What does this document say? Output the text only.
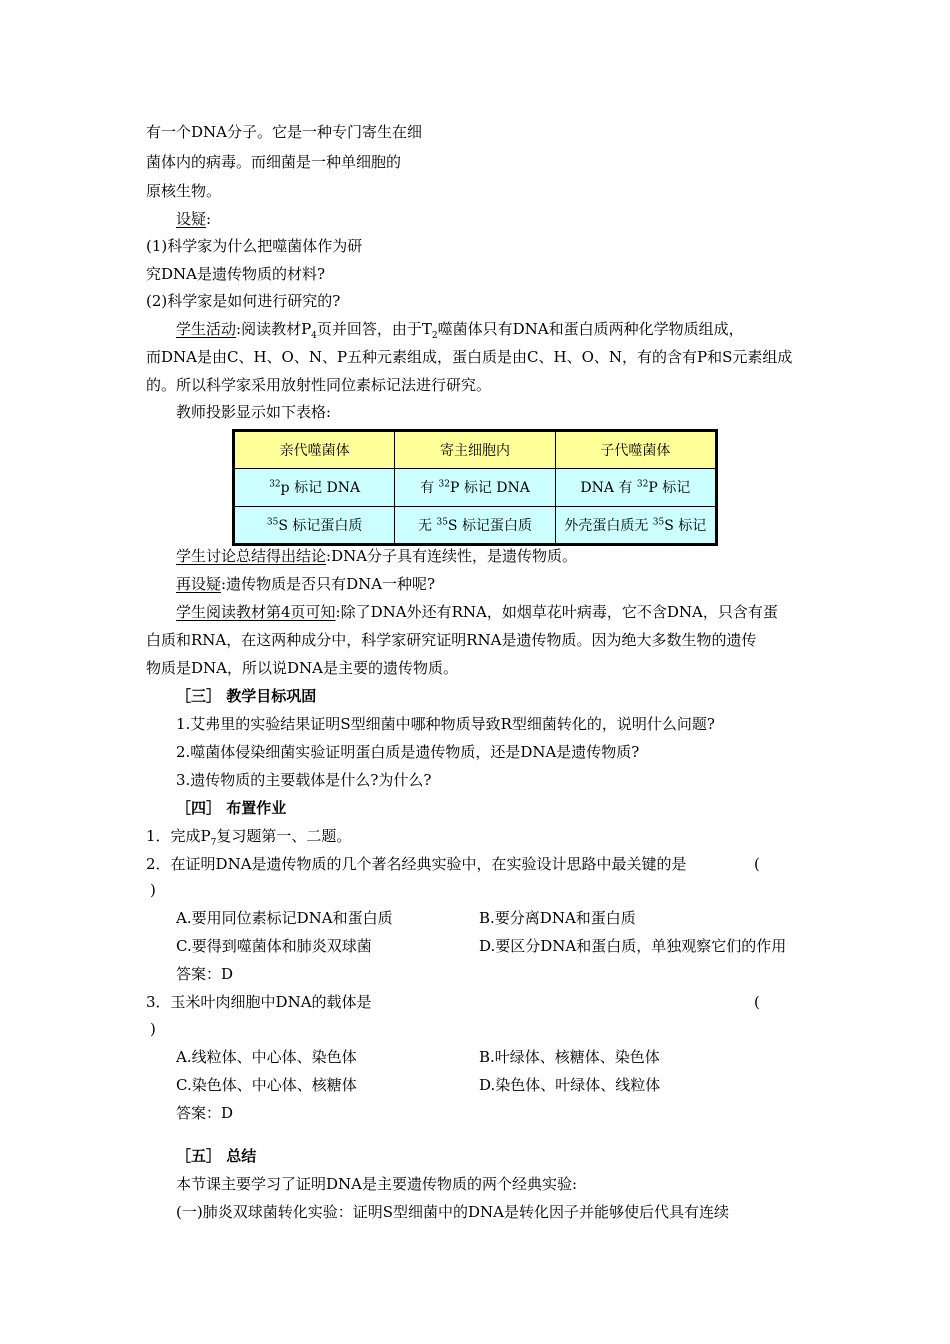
有一个DNA分子。它是一种专门寄生在细
菌体内的病毒。而细菌是一种单细胞的
原核生物。
设疑:
(1)科学家为什么把噬菌体作为研
究DNA是遗传物质的材料?
(2)科学家是如何进行研究的?
学生活动:阅读教材$P_4$页并回答，由于$T_2$噬菌体只有DNA和蛋白质两种化学物质组成，
而DNA是由C、H、O、N、P五种元素组成，蛋白质是由C、H、O、N，有的含有P和S元素组成
的。所以科学家采用放射性同位素标记法进行研究。
教师投影显示如下表格:
亲代噬菌体	寄主细胞内	子代噬菌体
$^{32}$p 标记 DNA	有 $^{32}$P 标记 DNA	DNA 有 $^{32}$P 标记
$^{35}$S 标记蛋白质	无 $^{35}$S 标记蛋白质	外壳蛋白质无 $^{35}$S 标记
学生讨论总结得出结论:DNA分子具有连续性，是遗传物质。
再设疑:遗传物质是否只有DNA一种呢?
学生阅读教材第4页可知:除了DNA外还有RNA，如烟草花叶病毒，它不含DNA，只含有蛋
白质和RNA，在这两种成分中，科学家研究证明RNA是遗传物质。因为绝大多数生物的遗传
物质是DNA，所以说DNA是主要的遗传物质。
［三］ 教学目标巩固
1.艾弗里的实验结果证明S型细菌中哪种物质导致R型细菌转化的，说明什么问题?
2.噬菌体侵染细菌实验证明蛋白质是遗传物质，还是DNA是遗传物质?
3.遗传物质的主要载体是什么?为什么?
［四］ 布置作业
1．完成$P_7$复习题第一、二题。
2．在证明DNA是遗传物质的几个著名经典实验中，在实验设计思路中最关键的是	(
)
A.要用同位素标记DNA和蛋白质	B.要分离DNA和蛋白质
C.要得到噬菌体和肺炎双球菌	D.要区分DNA和蛋白质，单独观察它们的作用
答案：D
3．玉米叶肉细胞中DNA的载体是	(
)
A.线粒体、中心体、染色体	B.叶绿体、核糖体、染色体
C.染色体、中心体、核糖体	D.染色体、叶绿体、线粒体
答案：D
［五］ 总结
本节课主要学习了证明DNA是主要遗传物质的两个经典实验:
(一)肺炎双球菌转化实验：证明S型细菌中的DNA是转化因子并能够使后代具有连续
